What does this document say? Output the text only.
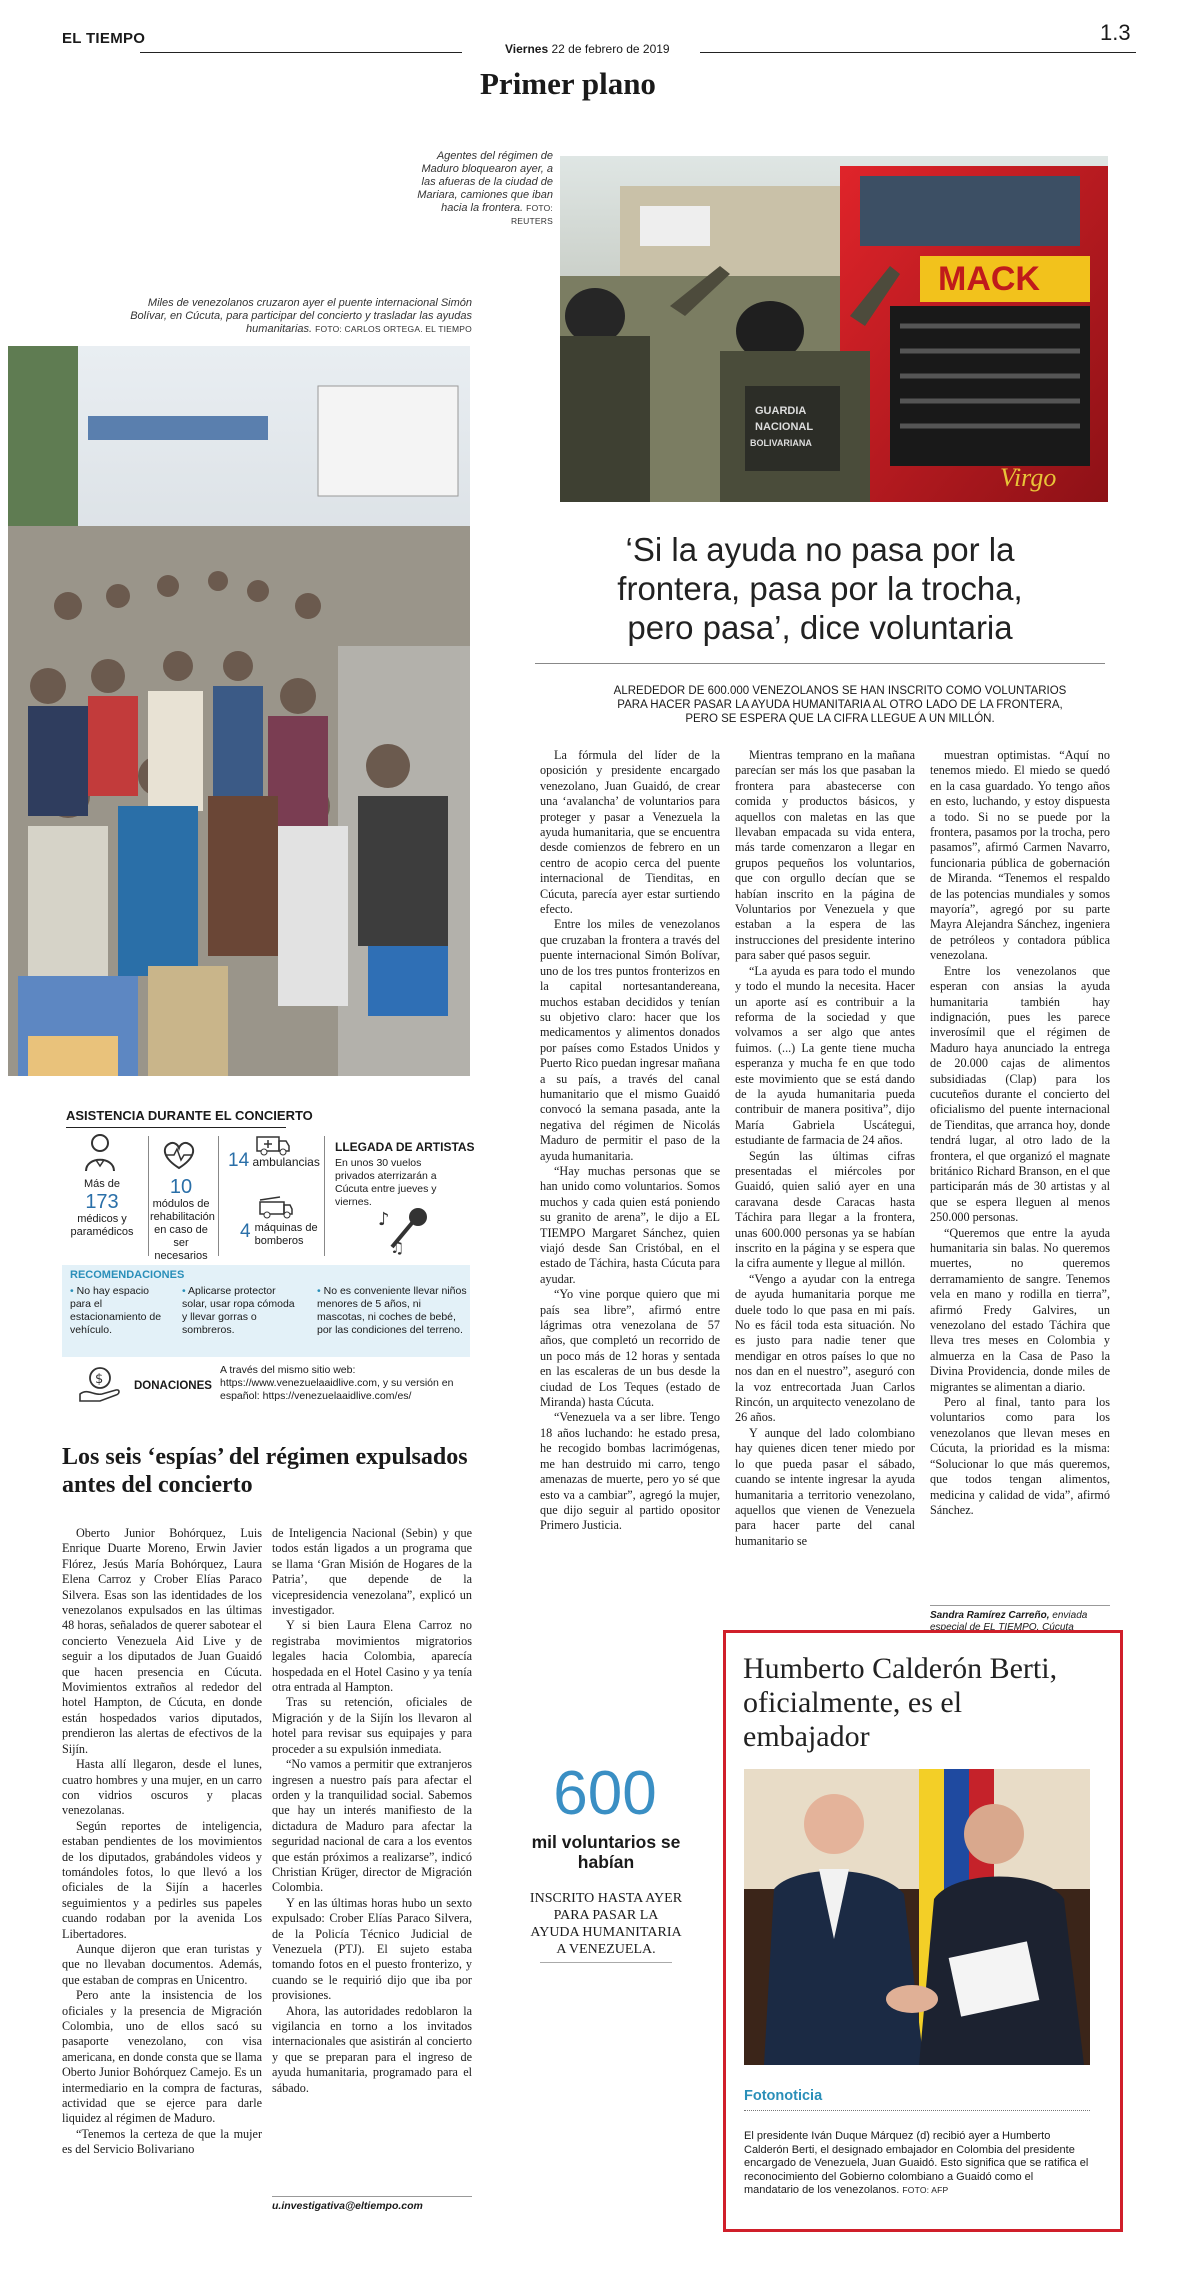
EL TIEMPO
Viernes 22 de febrero de 2019
1.3
Primer plano
Agentes del régimen de Maduro bloquearon ayer, a las afueras de la ciudad de Mariara, camiones que iban hacia la frontera. FOTO: REUTERS
MACK
Virgo
GUARDIA
NACIONAL
BOLIVARIANA
Miles de venezolanos cruzaron ayer el puente internacional Simón Bolívar, en Cúcuta, para participar del concierto y trasladar las ayudas humanitarias. FOTO: CARLOS ORTEGA. EL TIEMPO
‘Si la ayuda no pasa por la frontera, pasa por la trocha, pero pasa’, dice voluntaria
ALREDEDOR DE 600.000 VENEZOLANOS SE HAN INSCRITO COMO VOLUNTARIOS PARA HACER PASAR LA AYUDA HUMANITARIA AL OTRO LADO DE LA FRONTERA, PERO SE ESPERA QUE LA CIFRA LLEGUE A UN MILLÓN.

La fórmula del líder de la oposición y presidente encargado venezolano, Juan Guaidó, de crear una ‘avalancha’ de voluntarios para proteger y pasar a Venezuela la ayuda humanitaria, que se encuentra desde comienzos de febrero en un centro de acopio cerca del puente internacional de Tienditas, en Cúcuta, parecía ayer estar surtiendo efecto.

Entre los miles de venezolanos que cruzaban la frontera a través del puente internacional Simón Bolívar, uno de los tres puntos fronterizos en la capital nortesantandereana, muchos estaban decididos y tenían su objetivo claro: hacer que los medicamentos y alimentos donados por países como Estados Unidos y Puerto Rico puedan ingresar mañana a su país, a través del canal humanitario que el mismo Guaidó convocó la semana pasada, ante la negativa del régimen de Nicolás Maduro de permitir el paso de la ayuda humanitaria.

“Hay muchas personas que se han unido como voluntarios. Somos muchos y cada quien está poniendo su granito de arena”, le dijo a EL TIEMPO Margaret Sánchez, quien viajó desde San Cristóbal, en el estado de Táchira, hasta Cúcuta para ayudar.

“Yo vine porque quiero que mi país sea libre”, afirmó entre lágrimas otra venezolana de 57 años, que completó un recorrido de un poco más de 12 horas y sentada en las escaleras de un bus desde la ciudad de Los Teques (estado de Miranda) hasta Cúcuta.

“Venezuela va a ser libre. Tengo 18 años luchando: he estado presa, he recogido bombas lacrimógenas, me han destruido mi carro, tengo amenazas de muerte, pero yo sé que esto va a cambiar”, agregó la mujer, que dijo seguir al partido opositor Primero Justicia.

Mientras temprano en la mañana parecían ser más los que pasaban la frontera para abastecerse con comida y productos básicos, y aquellos con maletas en las que llevaban empacada su vida entera, más tarde comenzaron a llegar en grupos pequeños los voluntarios, que con orgullo decían que se habían inscrito en la página de Voluntarios por Venezuela y que estaban a la espera de las instrucciones del presidente interino para saber qué pasos seguir.

“La ayuda es para todo el mundo y todo el mundo la necesita. Hacer un aporte así es contribuir a la reforma de la sociedad y que volvamos a ser algo que antes fuimos. (...) La gente tiene mucha esperanza y mucha fe en que todo este movimiento que se está dando de la ayuda humanitaria pueda contribuir de manera positiva”, dijo María Gabriela Uscátegui, estudiante de farmacia de 24 años.

Según las últimas cifras presentadas el miércoles por Guaidó, quien salió ayer en una caravana desde Caracas hasta Táchira para llegar a la frontera, unas 600.000 personas ya se habían inscrito en la página y se espera que la cifra aumente y llegue al millón.

“Vengo a ayudar con la entrega de ayuda humanitaria porque me duele todo lo que pasa en mi país. No es fácil toda esta situación. No es justo para nadie tener que mendigar en otros países lo que no nos dan en el nuestro”, aseguró con la voz entrecortada Juan Carlos Rincón, un arquitecto venezolano de 26 años.

Y aunque del lado colombiano hay quienes dicen tener miedo por lo que pueda pasar el sábado, cuando se intente ingresar la ayuda humanitaria a territorio venezolano, aquellos que vienen de Venezuela para hacer parte del canal humanitario se

muestran optimistas. “Aquí no tenemos miedo. El miedo se quedó en la casa guardado. Yo tengo años en esto, luchando, y estoy dispuesta a todo. Si no se puede por la frontera, pasamos por la trocha, pero pasamos”, afirmó Carmen Navarro, funcionaria pública de gobernación de Miranda. “Tenemos el respaldo de las potencias mundiales y somos mayoría”, agregó por su parte Mayra Alejandra Sánchez, ingeniera de petróleos y contadora pública venezolana.

Entre los venezolanos que esperan con ansias la ayuda humanitaria también hay indignación, pues les parece inverosímil que el régimen de Maduro haya anunciado la entrega de 20.000 cajas de alimentos subsidiadas (Clap) para los cucuteños durante el concierto del oficialismo del puente internacional de Tienditas, que arranca hoy, donde tendrá lugar, al otro lado de la frontera, el que organizó el magnate británico Richard Branson, en el que participarán más de 30 artistas y al que se espera lleguen al menos 250.000 personas.

“Queremos que entre la ayuda humanitaria sin balas. No queremos muertes, no queremos derramamiento de sangre. Tenemos vela en mano y rodilla en tierra”, afirmó Fredy Galvires, un venezolano del estado Táchira que lleva tres meses en Colombia y almuerza en la Casa de Paso la Divina Providencia, donde miles de migrantes se alimentan a diario.

Pero al final, tanto para los voluntarios como para los venezolanos que llevan meses en Cúcuta, la prioridad es la misma: “Solucionar lo que más queremos, que todos tengan alimentos, medicina y calidad de vida”, afirmó Sánchez.

Sandra Ramírez Carreño, enviada especial de EL TIEMPO, Cúcuta
ASISTENCIA DURANTE EL CONCIERTO
Más de
173
médicos y paramédicos
10
módulos de rehabilitación en caso de ser necesarios
14 ambulancias
4 máquinas de bomberos
LLEGADA DE ARTISTAS
En unos 30 vuelos privados aterrizarán a Cúcuta entre jueves y viernes.
♪
♫
RECOMENDACIONES
• No hay espacio para el estacionamiento de vehículo.
• Aplicarse protector solar, usar ropa cómoda y llevar gorras o sombreros.
• No es conveniente llevar niños menores de 5 años, ni mascotas, ni coches de bebé, por las condiciones del terreno.
$	DONACIONES
A través del mismo sitio web: https://www.venezuelaaidlive.com, y su versión en español: https://venezuelaaidlive.com/es/
Los seis ‘espías’ del régimen expulsados antes del concierto

Oberto Junior Bohórquez, Luis Enrique Duarte Moreno, Erwin Javier Flórez, Jesús María Bohórquez, Laura Elena Carroz y Crober Elías Paraco Silvera. Esas son las identidades de los venezolanos expulsados en las últimas 48 horas, señalados de querer sabotear el concierto Venezuela Aid Live y de seguir a los diputados de Juan Guaidó que hacen presencia en Cúcuta. Movimientos extraños al rededor del hotel Hampton, de Cúcuta, en donde están hospedados varios diputados, prendieron las alertas de efectivos de la Sijín.

Hasta allí llegaron, desde el lunes, cuatro hombres y una mujer, en un carro con vidrios oscuros y placas venezolanas.

Según reportes de inteligencia, estaban pendientes de los movimientos de los diputados, grabándoles videos y tomándoles fotos, lo que llevó a los oficiales de la Sijín a hacerles seguimientos y a pedirles sus papeles cuando rodaban por la avenida Los Libertadores.

Aunque dijeron que eran turistas y que no llevaban documentos. Además, que estaban de compras en Unicentro.

Pero ante la insistencia de los oficiales y la presencia de Migración Colombia, uno de ellos sacó su pasaporte venezolano, con visa americana, en donde consta que se llama Oberto Junior Bohórquez Camejo. Es un intermediario en la compra de facturas, actividad que se ejerce para darle liquidez al régimen de Maduro.

“Tenemos la certeza de que la mujer es del Servicio Bolivariano

de Inteligencia Nacional (Sebin) y que todos están ligados a un programa que se llama ‘Gran Misión de Hogares de la Patria’, que depende de la vicepresidencia venezolana”, explicó un investigador.

Y si bien Laura Elena Carroz no registraba movimientos migratorios legales hacia Colombia, aparecía hospedada en el Hotel Casino y ya tenía otra entrada al Hampton.

Tras su retención, oficiales de Migración y de la Sijín los llevaron al hotel para revisar sus equipajes y para proceder a su expulsión inmediata.

“No vamos a permitir que extranjeros ingresen a nuestro país para afectar el orden y la tranquilidad social. Sabemos que hay un interés manifiesto de la dictadura de Maduro para afectar la seguridad nacional de cara a los eventos que están próximos a realizarse”, indicó Christian Krüger, director de Migración Colombia.

Y en las últimas horas hubo un sexto expulsado: Crober Elías Paraco Silvera, de la Policía Técnico Judicial de Venezuela (PTJ). El sujeto estaba tomando fotos en el puesto fronterizo, y cuando se le requirió dijo que iba por provisiones.

Ahora, las autoridades redoblaron la vigilancia en torno a los invitados internacionales que asistirán al concierto y que se preparan para el ingreso de ayuda humanitaria, programado para el sábado.

u.investigativa@eltiempo.com
600
mil voluntarios se habían
INSCRITO HASTA AYER PARA PASAR LA AYUDA HUMANITARIA A VENEZUELA.
Humberto Calderón Berti, oficialmente, es el embajador
Fotonoticia
El presidente Iván Duque Márquez (d) recibió ayer a Humberto Calderón Berti, el designado embajador en Colombia del presidente encargado de Venezuela, Juan Guaidó. Esto significa que se ratifica el reconocimiento del Gobierno colombiano a Guaidó como el mandatario de los venezolanos. FOTO: AFP
